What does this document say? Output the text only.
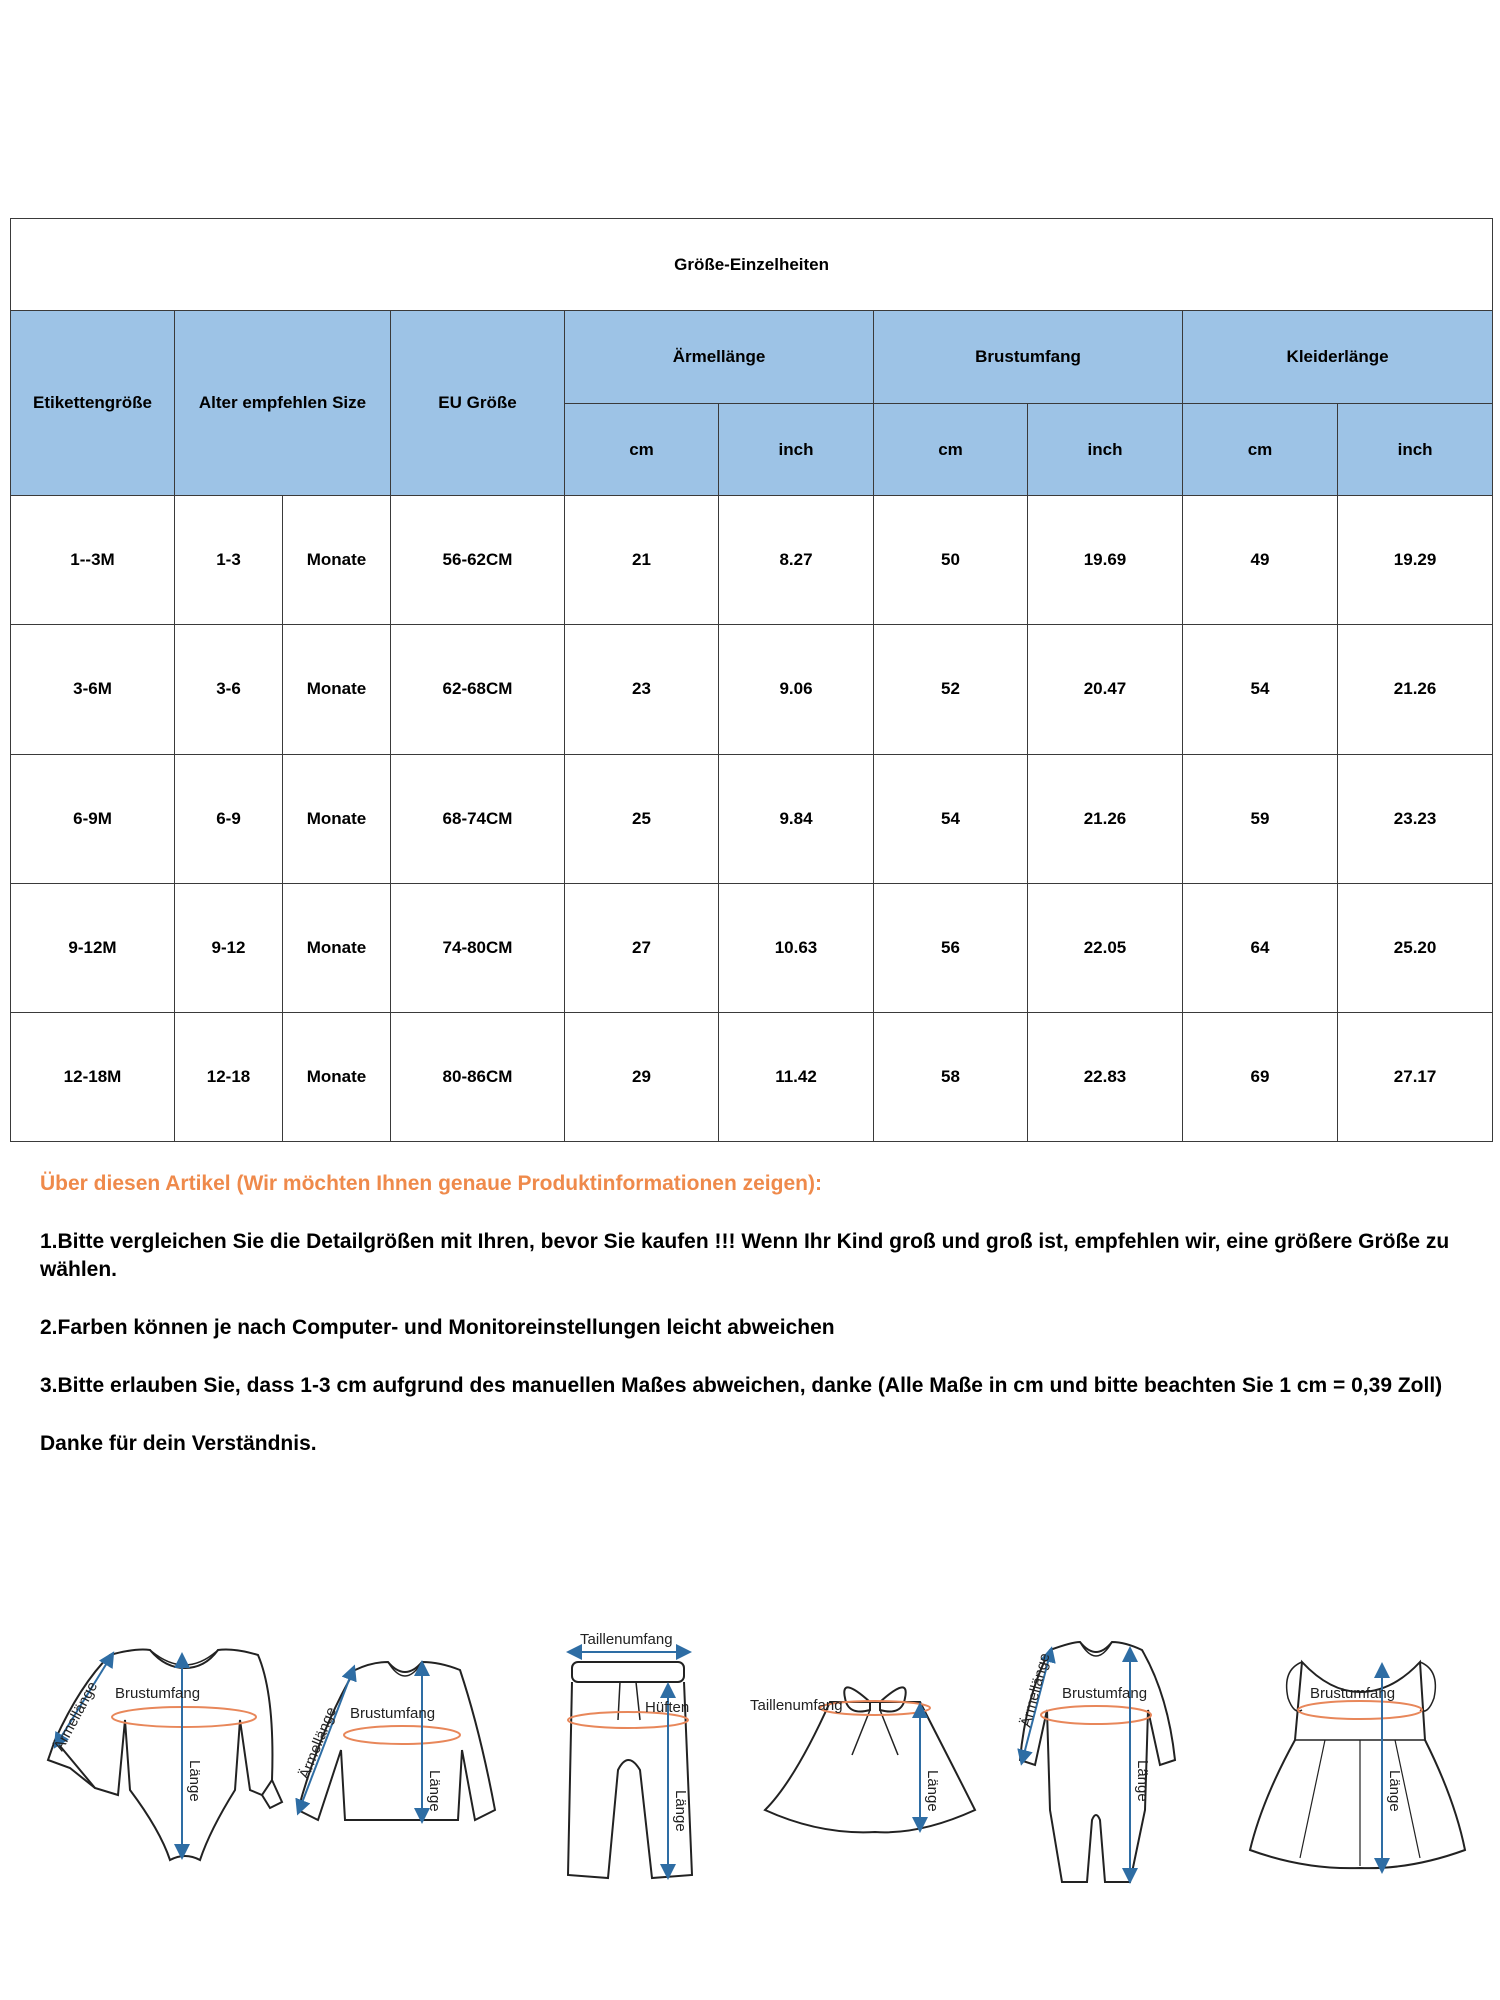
Größe-Einzelheiten									
Etikettengröße	Alter empfehlen Size		EU Größe	Ärmellänge		Brustumfang		Kleiderlänge	
				cm	inch	cm	inch	cm	inch
1--3M	1-3	Monate	56-62CM	21	8.27	50	19.69	49	19.29
3-6M	3-6	Monate	62-68CM	23	9.06	52	20.47	54	21.26
6-9M	6-9	Monate	68-74CM	25	9.84	54	21.26	59	23.23
9-12M	9-12	Monate	74-80CM	27	10.63	56	22.05	64	25.20
12-18M	12-18	Monate	80-86CM	29	11.42	58	22.83	69	27.17

Über diesen Artikel (Wir möchten Ihnen genaue Produktinformationen zeigen):

1.Bitte vergleichen Sie die Detailgrößen mit Ihren, bevor Sie kaufen !!! Wenn Ihr Kind groß und groß ist, empfehlen wir, eine größere Größe zu wählen.

2.Farben können je nach Computer- und Monitoreinstellungen leicht abweichen

3.Bitte erlauben Sie, dass 1-3 cm aufgrund des manuellen Maßes abweichen, danke (Alle Maße in cm und bitte beachten Sie 1 cm = 0,39 Zoll)

Danke für dein Verständnis.

Brustumfang
Länge
Ärmellänge	Brustumfang
Länge
Ärmellänge
Taillenumfang
Hüften
Länge
Taillenumfang
Länge
Brustumfang
Länge
Ärmellänge	Brustumfang
Länge
